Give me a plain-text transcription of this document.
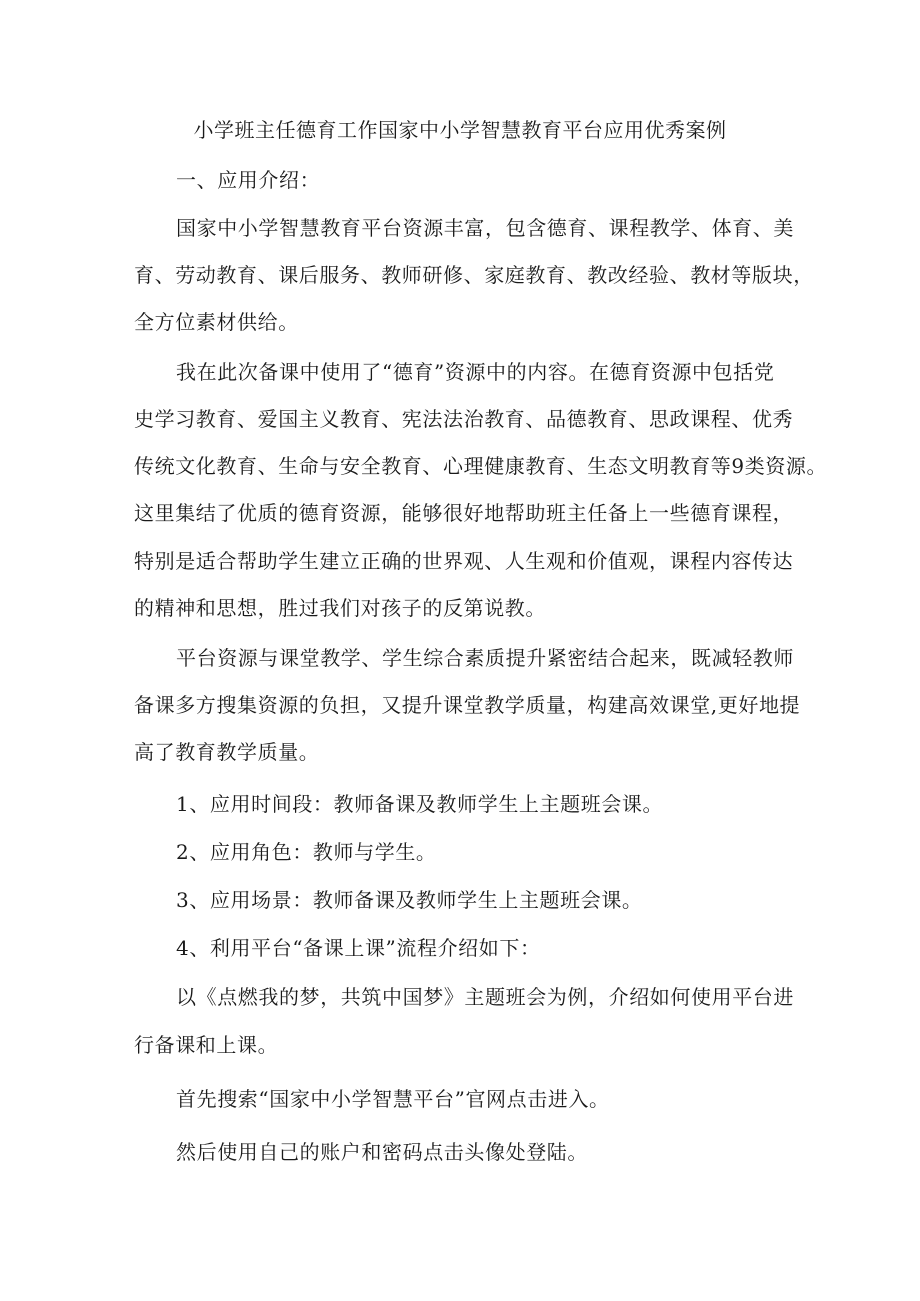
小学班主任德育工作国家中小学智慧教育平台应用优秀案例
一、应用介绍：
国家中小学智慧教育平台资源丰富，包含德育、课程教学、体育、美
育、劳动教育、课后服务、教师研修、家庭教育、教改经验、教材等版块，
全方位素材供给。
我在此次备课中使用了“德育”资源中的内容。在德育资源中包括党
史学习教育、爱国主义教育、宪法法治教育、品德教育、思政课程、优秀
传统文化教育、生命与安全教育、心理健康教育、生态文明教育等9类资源。
这里集结了优质的德育资源，能够很好地帮助班主任备上一些德育课程，
特别是适合帮助学生建立正确的世界观、人生观和价值观，课程内容传达
的精神和思想，胜过我们对孩子的反第说教。
平台资源与课堂教学、学生综合素质提升紧密结合起来，既减轻教师
备课多方搜集资源的负担，又提升课堂教学质量，构建高效课堂,更好地提
高了教育教学质量。
1、应用时间段：教师备课及教师学生上主题班会课。
2、应用角色：教师与学生。
3、应用场景：教师备课及教师学生上主题班会课。
4、利用平台“备课上课”流程介绍如下：
以《点燃我的梦，共筑中国梦》主题班会为例，介绍如何使用平台进
行备课和上课。
首先搜索“国家中小学智慧平台”官网点击进入。
然后使用自己的账户和密码点击头像处登陆。
